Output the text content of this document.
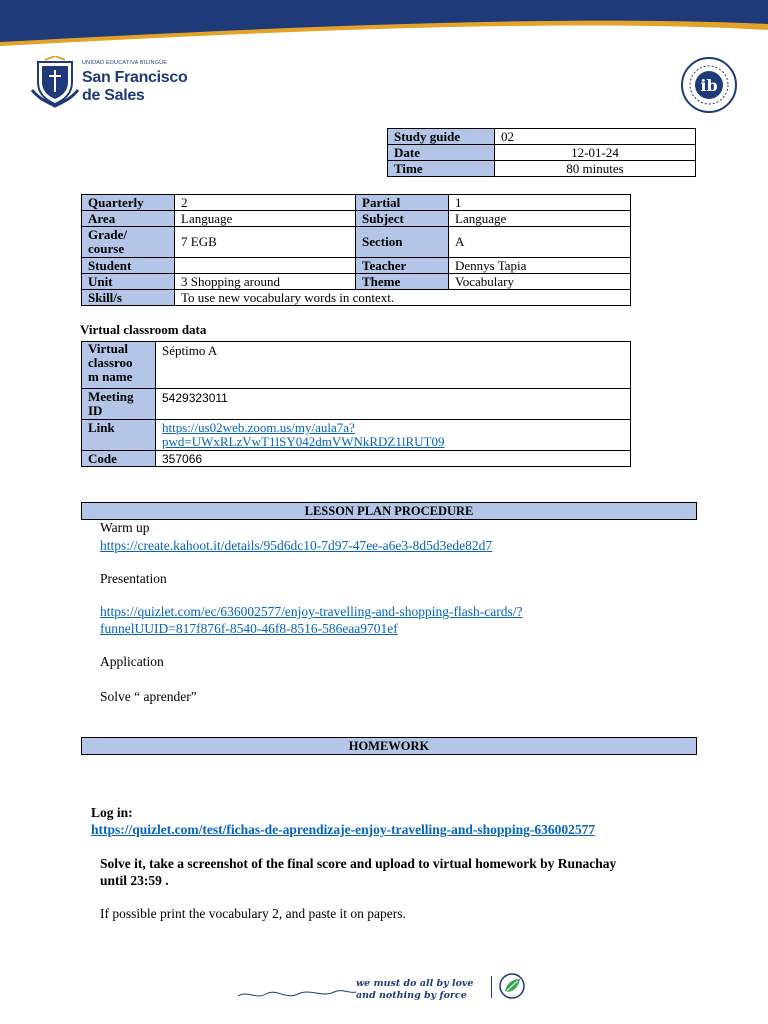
UNIDAD EDUCATIVA BILINGÜE
San Francisco
de Sales
ib
Study guide	02
Date	12-01-24
Time	80 minutes
Quarterly	2	Partial	1
Area	Language	Subject	Language
Grade/
course	7 EGB	Section	A
Student		Teacher	Dennys Tapia
Unit	3 Shopping around	Theme	Vocabulary
Skill/s	To use new vocabulary words in context.		
Virtual classroom data
Virtual
classroo
m name	Séptimo A
Meeting
ID	5429323011
Link	https://us02web.zoom.us/my/aula7a?
pwd=UWxRLzVwT1lSY042dmVWNkRDZ1lRUT09
Code	357066
LESSON PLAN PROCEDURE
Warm up
https://create.kahoot.it/details/95d6dc10-7d97-47ee-a6e3-8d5d3ede82d7
Presentation
https://quizlet.com/ec/636002577/enjoy-travelling-and-shopping-flash-cards/?
funnelUUID=817f876f-8540-46f8-8516-586eaa9701ef
Application
Solve “ aprender”
HOMEWORK
Log in:
https://quizlet.com/test/fichas-de-aprendizaje-enjoy-travelling-and-shopping-636002577
Solve it, take a screenshot of the final score and upload to virtual homework by Runachay
until 23:59 .
If possible print the vocabulary 2, and paste it on papers.
we must do all by love
and nothing by force
